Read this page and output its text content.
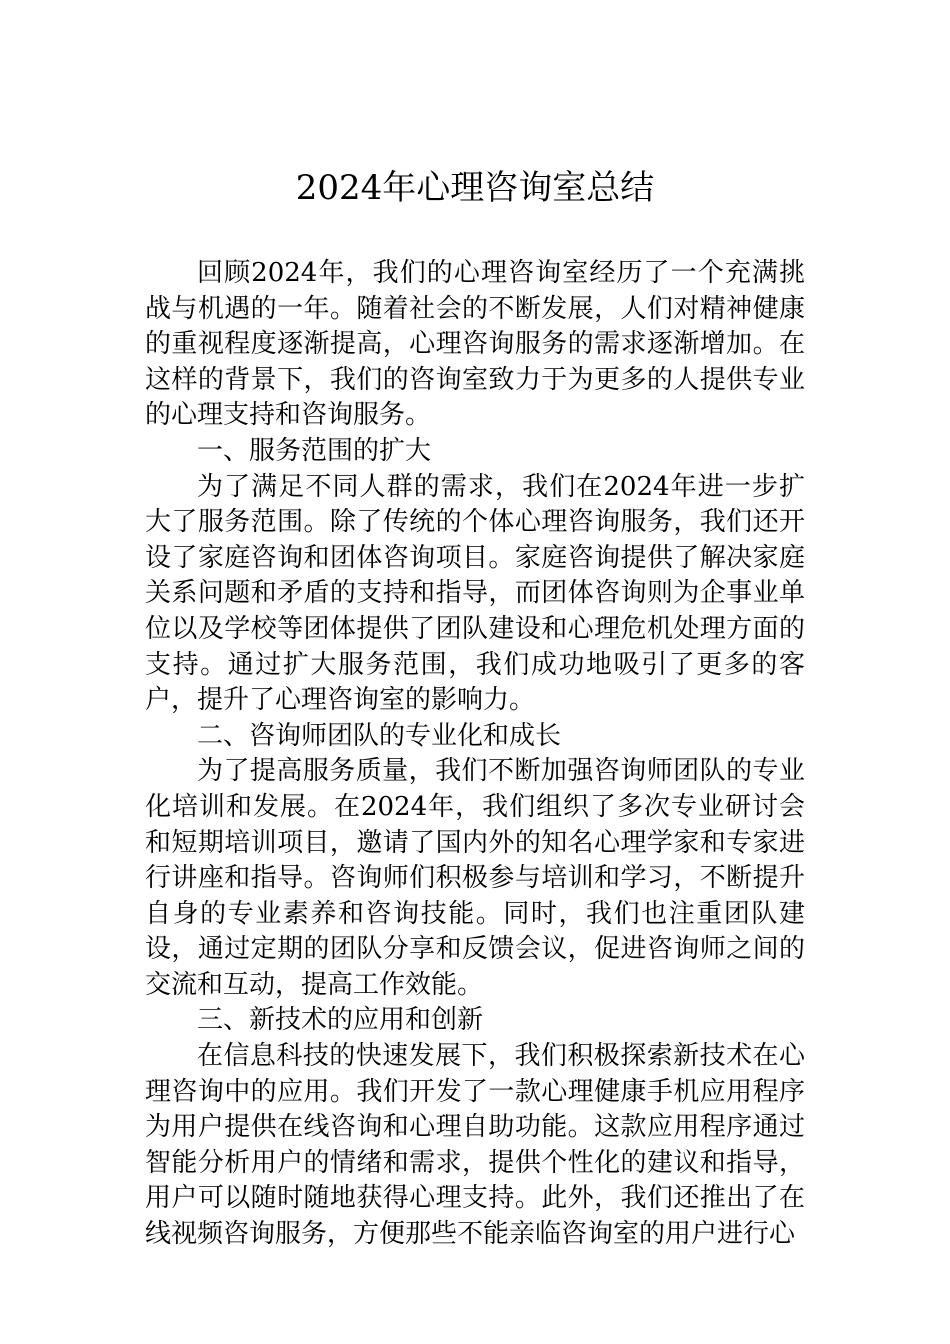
2024年心理咨询室总结

回顾2024年，我们的心理咨询室经历了一个充满挑战与机遇的一年。随着社会的不断发展，人们对精神健康的重视程度逐渐提高，心理咨询服务的需求逐渐增加。在这样的背景下，我们的咨询室致力于为更多的人提供专业的心理支持和咨询服务。

一、服务范围的扩大

为了满足不同人群的需求，我们在2024年进一步扩大了服务范围。除了传统的个体心理咨询服务，我们还开设了家庭咨询和团体咨询项目。家庭咨询提供了解决家庭关系问题和矛盾的支持和指导，而团体咨询则为企事业单位以及学校等团体提供了团队建设和心理危机处理方面的支持。通过扩大服务范围，我们成功地吸引了更多的客户，提升了心理咨询室的影响力。

二、咨询师团队的专业化和成长

为了提高服务质量，我们不断加强咨询师团队的专业化培训和发展。在2024年，我们组织了多次专业研讨会和短期培训项目，邀请了国内外的知名心理学家和专家进行讲座和指导。咨询师们积极参与培训和学习，不断提升自身的专业素养和咨询技能。同时，我们也注重团队建设，通过定期的团队分享和反馈会议，促进咨询师之间的交流和互动，提高工作效能。

三、新技术的应用和创新

在信息科技的快速发展下，我们积极探索新技术在心理咨询中的应用。我们开发了一款心理健康手机应用程序为用户提供在线咨询和心理自助功能。这款应用程序通过智能分析用户的情绪和需求，提供个性化的建议和指导，用户可以随时随地获得心理支持。此外，我们还推出了在线视频咨询服务，方便那些不能亲临咨询室的用户进行心
